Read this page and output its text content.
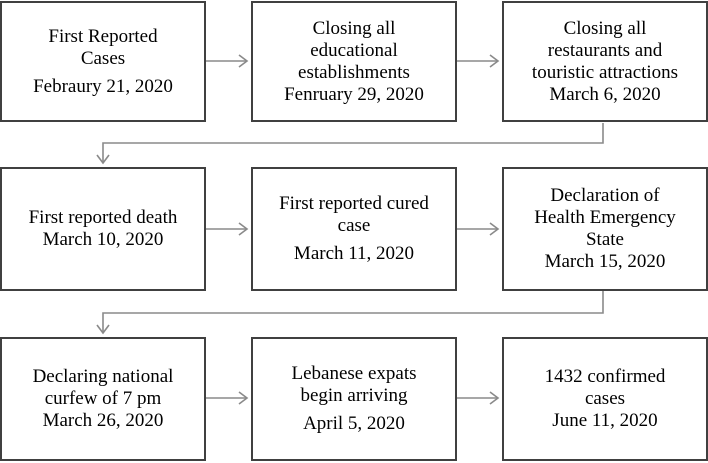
First Reported
Cases
Febraury 21, 2020
Closing all
educational
establishments
Fenruary 29, 2020
Closing all
restaurants and
touristic attractions
March 6, 2020
First reported death
March 10, 2020
First reported cured
case
March 11, 2020
Declaration of
Health Emergency
State
March 15, 2020
Declaring national
curfew of 7 pm
March 26, 2020
Lebanese expats
begin arriving
April 5, 2020
1432 confirmed
cases
June 11, 2020
